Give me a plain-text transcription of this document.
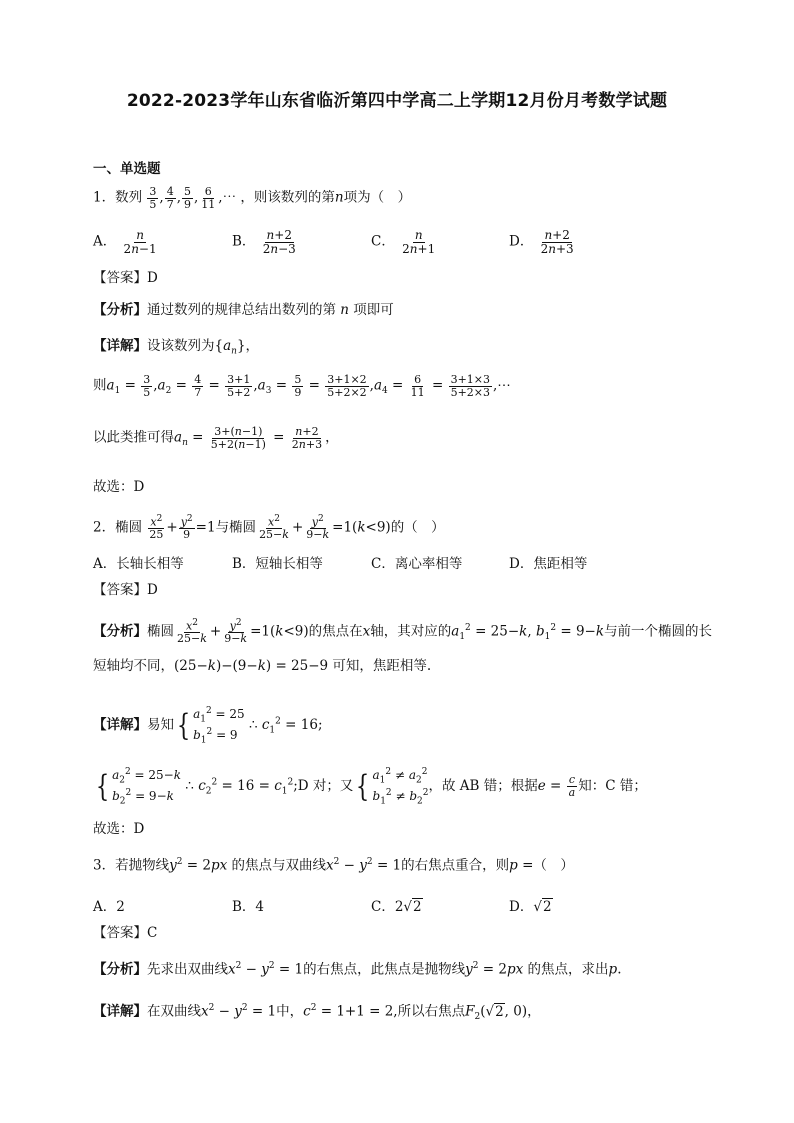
2022-2023学年山东省临沂第四中学高二上学期12月份月考数学试题
一、单选题
1．数列 $\frac{3}{5}$ , $\frac{4}{7}$ , $\frac{5}{9}$ , $\frac{6}{11}$ ,⋯ ，则该数列的第n项为（　）
A． $\frac{n}{2n-1}$	B． $\frac{n+2}{2n-3}$	C． $\frac{n}{2n+1}$	D． $\frac{n+2}{2n+3}$
【答案】D
【分析】通过数列的规律总结出数列的第 n 项即可
【详解】设该数列为$\{a_n\}$，
则$a_1 = \frac{3}{5} ,a_2 = \frac{4}{7} = \frac{3+1}{5+2} ,a_3 = \frac{5}{9} = \frac{3+1\times 2}{5+2\times 2} ,a_4 = \frac{6}{11} = \frac{3+1\times 3}{5+2\times 3}$ ,⋯
以此类推可得$a_n = \frac{3+(n-1)}{5+2(n-1)} = \frac{n+2}{2n+3}$ ，
故选：D
2．椭圆 $\frac{x^2}{25} + \frac{y^2}{9} =1$与椭圆 $\frac{x^2}{25-k} + \frac{y^2}{9-k} =1(k<9)$的（　）
A．长轴长相等	B．短轴长相等	C．离心率相等	D．焦距相等
【答案】D
【分析】椭圆 $\frac{x^2}{25-k} + \frac{y^2}{9-k} =1(k<9)$的焦点在x轴，其对应的$a_1^2 = 25-k$, $b_1^2 = 9-k$与前一个椭圆的长
短轴均不同，(25−k)−(9−k) = 25−9 可知，焦距相等.
【详解】易知 { $a_1^2 = 25$
$b_1^2 = 9$
∴ $c_1^2 = 16$;
{ $a_2^2 = 25-k$
$b_2^2 = 9-k$
∴ $c_2^2 = 16$ = $c_1^2;D$ 对；又 { $a_1^2 \ne a_2^2$
$b_1^2 \ne b_2^2$ ，故 AB 错；根据$e = \frac{c}{a}$ 知：C 错；
故选：D
3．若抛物线$y^2 = 2px$ 的焦点与双曲线$x^2 - y^2 = 1$的右焦点重合，则p =（　）
A．2	B．4	C．2√2	D．√2
【答案】C
【分析】先求出双曲线$x^2 - y^2 = 1$的右焦点，此焦点是抛物线$y^2 = 2px$ 的焦点，求出p.
【详解】在双曲线$x^2 - y^2 = 1$中，$c^2 = 1+1 = 2$,所以右焦点$F_2(√2$, 0)，
